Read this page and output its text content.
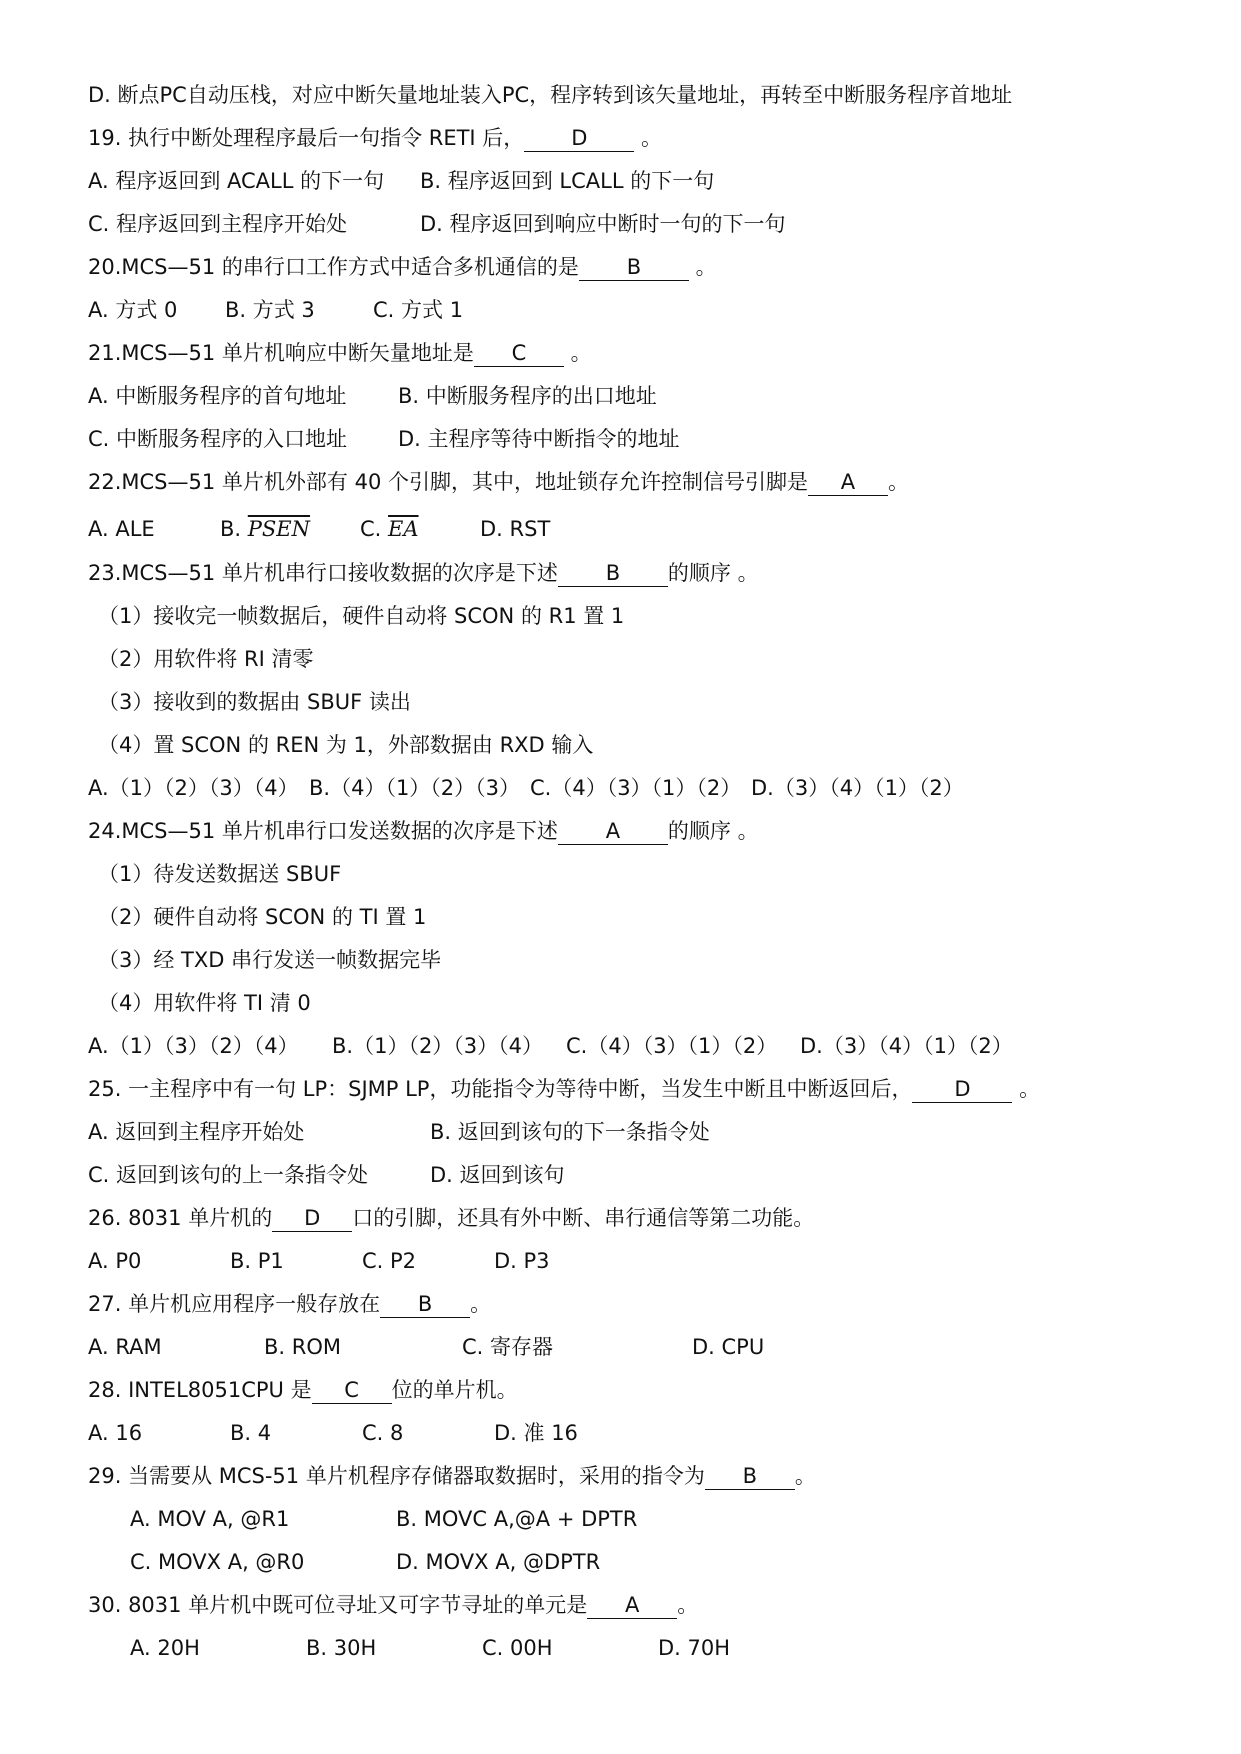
D. 断点PC自动压栈，对应中断矢量地址装入PC，程序转到该矢量地址，再转至中断服务程序首地址
19. 执行中断处理程序最后一句指令 RETI 后， D 。
A. 程序返回到 ACALL 的下一句 B. 程序返回到 LCALL 的下一句
C. 程序返回到主程序开始处	D. 程序返回到响应中断时一句的下一句
20.MCS—51 的串行口工作方式中适合多机通信的是 B 。
A. 方式 0 B. 方式 3	C. 方式 1
21.MCS—51 单片机响应中断矢量地址是 C 。
A. 中断服务程序的首句地址 B. 中断服务程序的出口地址
C. 中断服务程序的入口地址 D. 主程序等待中断指令的地址
22.MCS—51 单片机外部有 40 个引脚，其中，地址锁存允许控制信号引脚是 A 。
A. ALE	B. PSEN C. $\overline{EA}$	D. RST
23.MCS—51 单片机串行口接收数据的次序是下述 B 的顺序 。
（1）接收完一帧数据后，硬件自动将 SCON 的 R1 置 1
（2）用软件将 RI 清零
（3）接收到的数据由 SBUF 读出
（4）置 SCON 的 REN 为 1，外部数据由 RXD 输入
A.（1）（2）（3）（4） B.（4）（1）（2）（3） C.（4）（3）（1）（2） D.（3）（4）（1）（2）
24.MCS—51 单片机串行口发送数据的次序是下述 A 的顺序 。
（1）待发送数据送 SBUF
（2）硬件自动将 SCON 的 TI 置 1
（3）经 TXD 串行发送一帧数据完毕
（4）用软件将 TI 清 0
A.（1）（3）（2）（4） B.（1）（2）（3）（4） C.（4）（3）（1）（2） D.（3）（4）（1）（2）
25. 一主程序中有一句 LP：SJMP LP，功能指令为等待中断，当发生中断且中断返回后， D 。
A. 返回到主程序开始处	B. 返回到该句的下一条指令处
C. 返回到该句的上一条指令处	D. 返回到该句
26. 8031 单片机的 D 口的引脚，还具有外中断、串行通信等第二功能。
A. P0	B. P1	C. P2	D. P3
27. 单片机应用程序一般存放在 B 。
A. RAM	B. ROM	C. 寄存器	D. CPU
28. INTEL8051CPU 是 C 位的单片机。
A. 16	B. 4	C. 8	D. 准 16
29. 当需要从 MCS-51 单片机程序存储器取数据时，采用的指令为 B 。
A. MOV A, @R1	B. MOVC A,@A + DPTR
C. MOVX A, @R0	D. MOVX A, @DPTR
30. 8031 单片机中既可位寻址又可字节寻址的单元是 A 。
A. 20H	B. 30H	C. 00H	D. 70H
